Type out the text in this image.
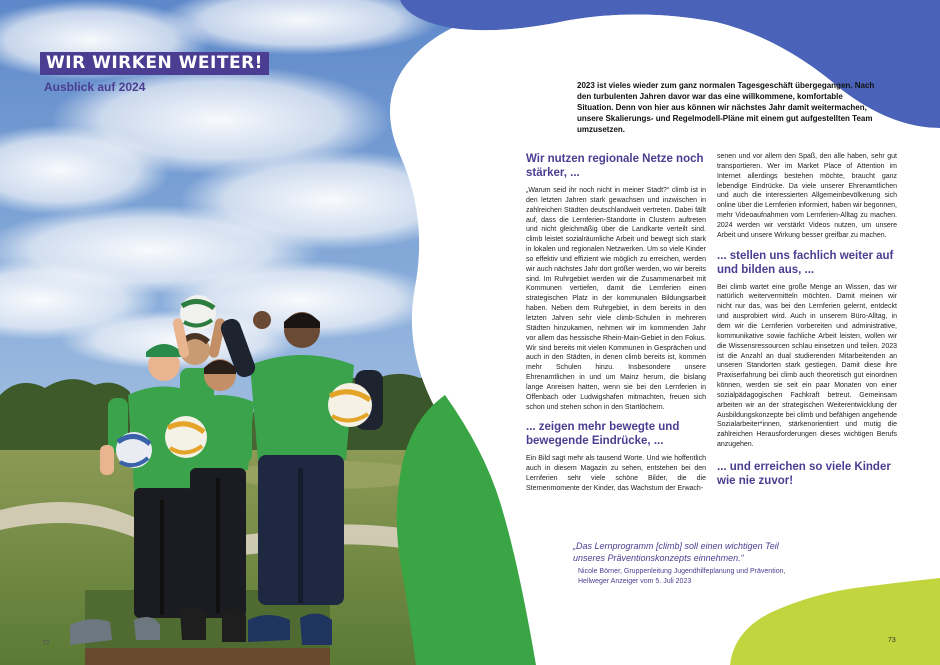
WIR WIRKEN WEITER!
Ausblick auf 2024
72
2023 ist vieles wieder zum ganz normalen Tagesgeschäft übergegangen. Nach den turbulenten Jahren davor war das eine willkommene, komfortable Situation. Denn von hier aus können wir nächstes Jahr damit weitermachen, unsere Skalierungs- und Regelmodell-Pläne mit einem gut aufgestellten Team umzusetzen.
Wir nutzen regionale Netze noch stärker, ...
„Warum seid ihr noch nicht in meiner Stadt?“ climb ist in den letzten Jahren stark gewachsen und inzwischen in zahlreichen Städten deutschlandweit vertreten. Dabei fällt auf, dass die Lernferien-Standorte in Clustern auftreten und nicht gleichmäßig über die Landkarte verteilt sind. climb leistet sozialräumliche Arbeit und bewegt sich stark in lokalen und regionalen Netzwerken. Um so viele Kinder so effektiv und effizient wie möglich zu erreichen, werden wir auch nächstes Jahr dort größer werden, wo wir bereits sind. Im Ruhrgebiet werden wir die Zusammenarbeit mit Kommunen vertiefen, damit die Lernferien einen strategischen Platz in der kommunalen Bildungsarbeit haben. Neben dem Ruhrgebiet, in dem bereits in den letzten Jahren sehr viele climb-Schulen in mehreren Städten hinzukamen, nehmen wir im kommenden Jahr vor allem das hessische Rhein-Main-Gebiet in den Fokus. Wir sind bereits mit vielen Kommunen in Gesprächen und auch in den Städten, in denen climb bereits ist, kommen mehr Schulen hinzu. Insbesondere unsere Ehrenamtlichen in und um Mainz herum, die bislang lange Anreisen hatten, wenn sie bei den Lernferien in Offenbach oder Ludwigshafen mitmachten, freuen sich schon und stehen schon in den Startlöchern.
... zeigen mehr bewegte und bewegende Eindrücke, ...
Ein Bild sagt mehr als tausend Worte. Und wie hoffentlich auch in diesem Magazin zu sehen, entstehen bei den Lernferien sehr viele schöne Bilder, die die Sternenmomente der Kinder, das Wachstum der Erwach-
senen und vor allem den Spaß, den alle haben, sehr gut transportieren. Wer im Market Place of Attention im Internet allerdings bestehen möchte, braucht ganz lebendige Eindrücke. Da viele unserer Ehrenamtlichen und auch die interessierten Allgemeinbevölkerung sich online über die Lernferien informiert, haben wir begonnen, mehr Videoaufnahmen vom Lernferien-Alltag zu machen. 2024 werden wir verstärkt Videos nutzen, um unsere Arbeit und unsere Wirkung besser greifbar zu machen.
... stellen uns fachlich weiter auf und bilden aus, ...
Bei climb wartet eine große Menge an Wissen, das wir natürlich weitervermitteln möchten. Damit meinen wir nicht nur das, was bei den Lernferien gelernt, entdeckt und ausprobiert wird. Auch in unserem Büro-Alltag, in dem wir die Lernferien vorbereiten und administrative, kommunikative sowie fachliche Arbeit leisten, wollen wir die Wissensressourcen schlau einsetzen und teilen. 2023 ist die Anzahl an dual studierenden Mitarbeitenden an unseren Standorten stark gestiegen. Damit diese ihre Praxiserfahrung bei climb auch theoretisch gut einordnen können, werden sie seit ein paar Monaten von einer sozialpädagogischen Fachkraft betreut. Gemeinsam arbeiten wir an der strategischen Weiterentwicklung der Ausbildungskonzepte bei climb und befähigen angehende Sozialarbeiter*innen, stärkenorientiert und mutig die zahlreichen Herausforderungen dieses wichtigen Berufs anzugehen.
... und erreichen so viele Kinder wie nie zuvor!

„Das Lernprogramm [climb] soll einen wichtigen Teil unseres Präventionskonzepts einnehmen.“

Nicole Börner, Gruppenleitung Jugendhilfeplanung und Prävention,

Hellweger Anzeiger vom 5. Juli 2023

73
